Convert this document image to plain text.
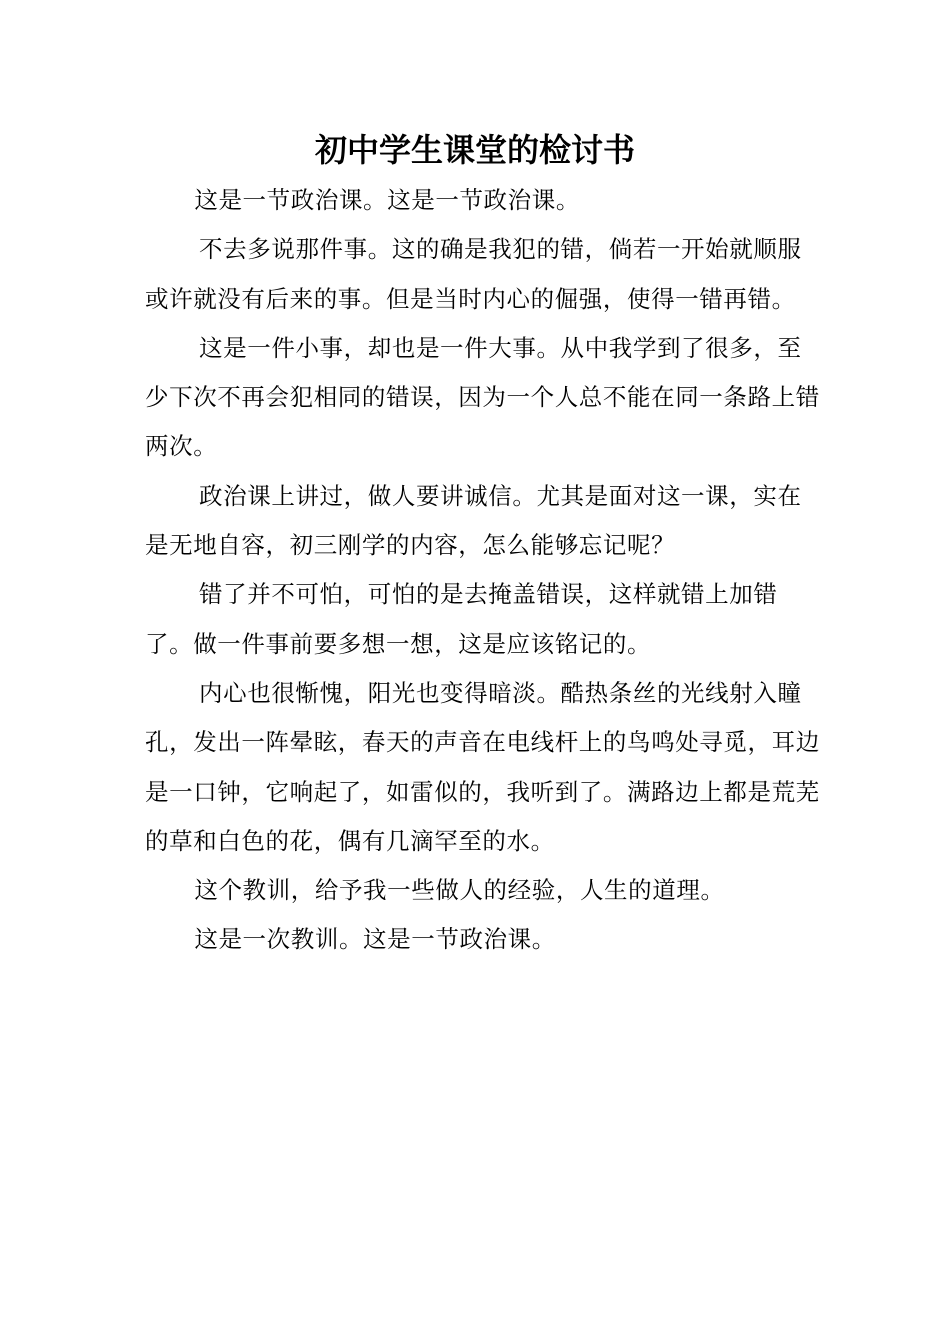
初中学生课堂的检讨书

这是一节政治课。这是一节政治课。

不去多说那件事。这的确是我犯的错，倘若一开始就顺服或许就没有后来的事。但是当时内心的倔强，使得一错再错。

这是一件小事，却也是一件大事。从中我学到了很多，至少下次不再会犯相同的错误，因为一个人总不能在同一条路上错两次。

政治课上讲过，做人要讲诚信。尤其是面对这一课，实在是无地自容，初三刚学的内容，怎么能够忘记呢？

错了并不可怕，可怕的是去掩盖错误，这样就错上加错了。做一件事前要多想一想，这是应该铭记的。

内心也很惭愧，阳光也变得暗淡。酷热条丝的光线射入瞳孔，发出一阵晕眩，春天的声音在电线杆上的鸟鸣处寻觅，耳边是一口钟，它响起了，如雷似的，我听到了。满路边上都是荒芜的草和白色的花，偶有几滴罕至的水。

这个教训，给予我一些做人的经验，人生的道理。

这是一次教训。这是一节政治课。
